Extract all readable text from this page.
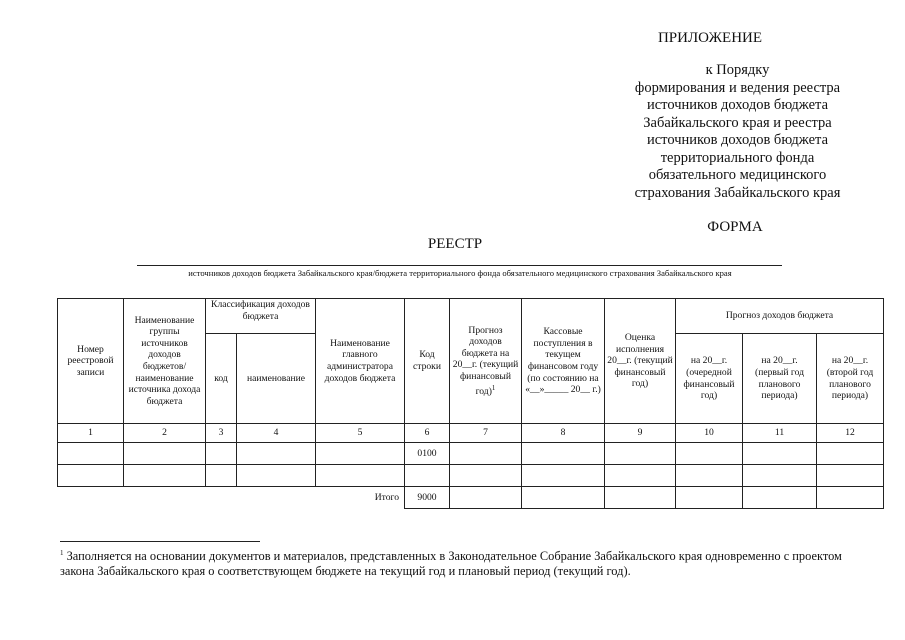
ПРИЛОЖЕНИЕ
к Порядку
формирования и ведения реестра
источников доходов бюджета
Забайкальского края и реестра
источников доходов бюджета
территориального фонда
обязательного медицинского
страхования Забайкальского края
ФОРМА
РЕЕСТР
источников доходов бюджета Забайкальского края/бюджета территориального фонда обязательного медицинского страхования Забайкальского края
Номер реестровой записи	Наименование группы источников доходов бюджетов/ наименование источника дохода бюджета	Классификация доходов бюджета		Наименование главного администратора доходов бюджета	Код строки	Прогноз доходов бюджета на 20__г. (текущий финансовый год)$^1$	Кассовые поступления в текущем финансовом году (по состоянию на «__»_____ 20__ г.)	Оценка исполнения 20__г. (текущий финансовый год)	Прогноз доходов бюджета		
		код	наименование						на 20__г. (очередной финансовый год)	на 20__г. (первый год планового периода)	на 20__г. (второй год планового периода)
1	2	3	4	5	6	7	8	9	10	11	12
					0100						

				Итого	9000						
$^1$ Заполняется на основании документов и материалов, представленных в Законодательное Собрание Забайкальского края одновременно с проектом закона Забайкальского края о соответствующем бюджете на текущий год и плановый период (текущий год).
